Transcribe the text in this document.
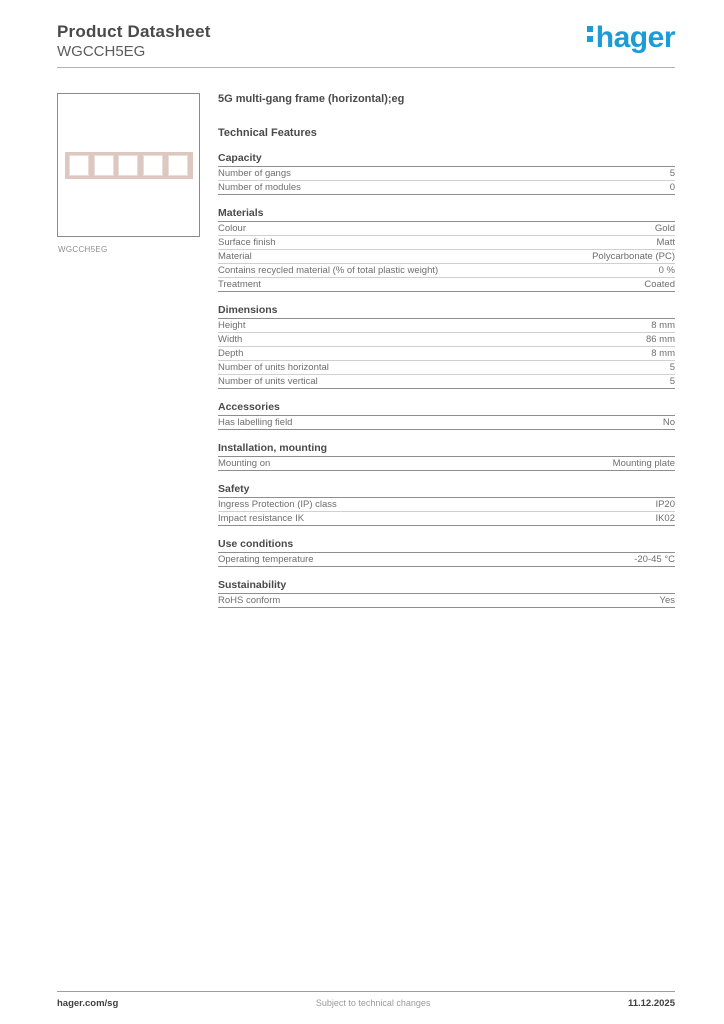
Product Datasheet
WGCCH5EG	hager
WGCCH5EG
5G multi-gang frame (horizontal);eg
Technical Features
Capacity
Number of gangs	5
Number of modules	0
Materials
Colour	Gold
Surface finish	Matt
Material	Polycarbonate (PC)
Contains recycled material (% of total plastic weight)	0 %
Treatment	Coated
Dimensions
Height	8 mm
Width	86 mm
Depth	8 mm
Number of units horizontal	5
Number of units vertical	5
Accessories
Has labelling field	No
Installation, mounting
Mounting on	Mounting plate
Safety
Ingress Protection (IP) class	IP20
Impact resistance IK	IK02
Use conditions
Operating temperature	-20-45 °C
Sustainability
RoHS conform	Yes
hager.com/sg	Subject to technical changes	11.12.2025
